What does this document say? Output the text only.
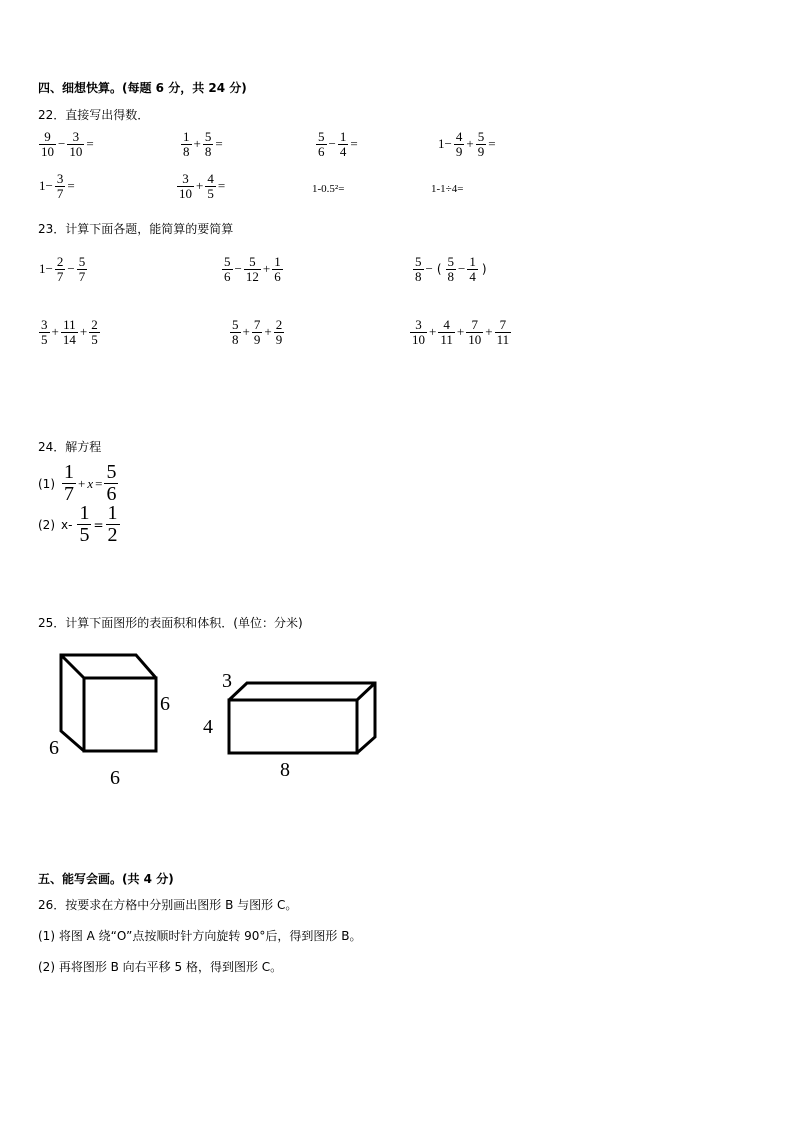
四、细想快算。(每题 6 分，共 24 分)
22．直接写出得数．
$\frac{9}{10} - \frac{3}{10}$ =	$\frac{1}{8} + \frac{5}{8}$ =	$\frac{5}{6} - \frac{1}{4}$ =	$1- \frac{4}{9} + \frac{5}{9}$ =
$1- \frac{3}{7}$ =	$\frac{3}{10} + \frac{4}{5}$ =	1-0.5²=	1-1÷4=
23．计算下面各题，能简算的要简算
$1- \frac{2}{7} - \frac{5}{7}$	$\frac{5}{6} - \frac{5}{12} + \frac{1}{6}$	$\frac{5}{8}$ − ( $\frac{5}{8} - \frac{1}{4}$ )
$\frac{3}{5} + \frac{11}{14} + \frac{2}{5}$	$\frac{5}{8} + \frac{7}{9} + \frac{2}{9}$	$\frac{3}{10} + \frac{4}{11} + \frac{7}{10} + \frac{7}{11}$
24．解方程
$(1) \frac{1}{7} + x = \frac{5}{6}$
(2) $x- \frac{1}{5} = \frac{1}{2}$
25．计算下面图形的表面积和体积．(单位：分米)
6
6
6
3
4
8
五、能写会画。(共 4 分)
26．按要求在方格中分别画出图形 B 与图形 C。
(1) 将图 A 绕“O”点按顺时针方向旋转 90°后，得到图形 B。
(2) 再将图形 B 向右平移 5 格，得到图形 C。
